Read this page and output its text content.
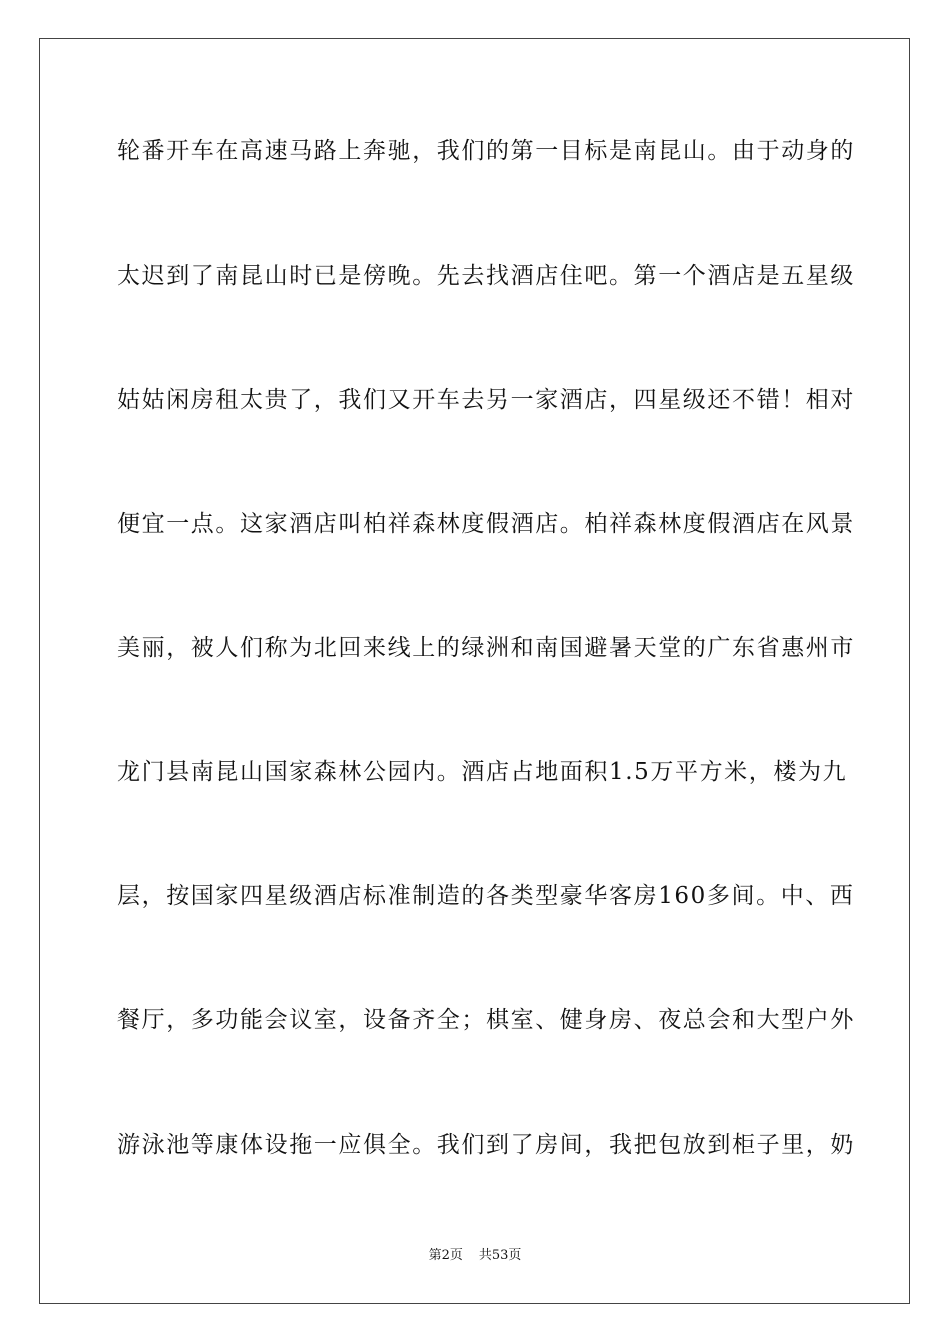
轮番开车在高速马路上奔驰，我们的第一目标是南昆山。由于动身的
太迟到了南昆山时已是傍晚。先去找酒店住吧。第一个酒店是五星级
姑姑闲房租太贵了，我们又开车去另一家酒店，四星级还不错！相对
便宜一点。这家酒店叫柏祥森林度假酒店。柏祥森林度假酒店在风景
美丽，被人们称为北回来线上的绿洲和南国避暑天堂的广东省惠州市
龙门县南昆山国家森林公园内。酒店占地面积1.5万平方米，楼为九
层，按国家四星级酒店标准制造的各类型豪华客房160多间。中、西
餐厅，多功能会议室，设备齐全；棋室、健身房、夜总会和大型户外
游泳池等康体设拖一应俱全。我们到了房间，我把包放到柜子里，奶
第2页 共53页
